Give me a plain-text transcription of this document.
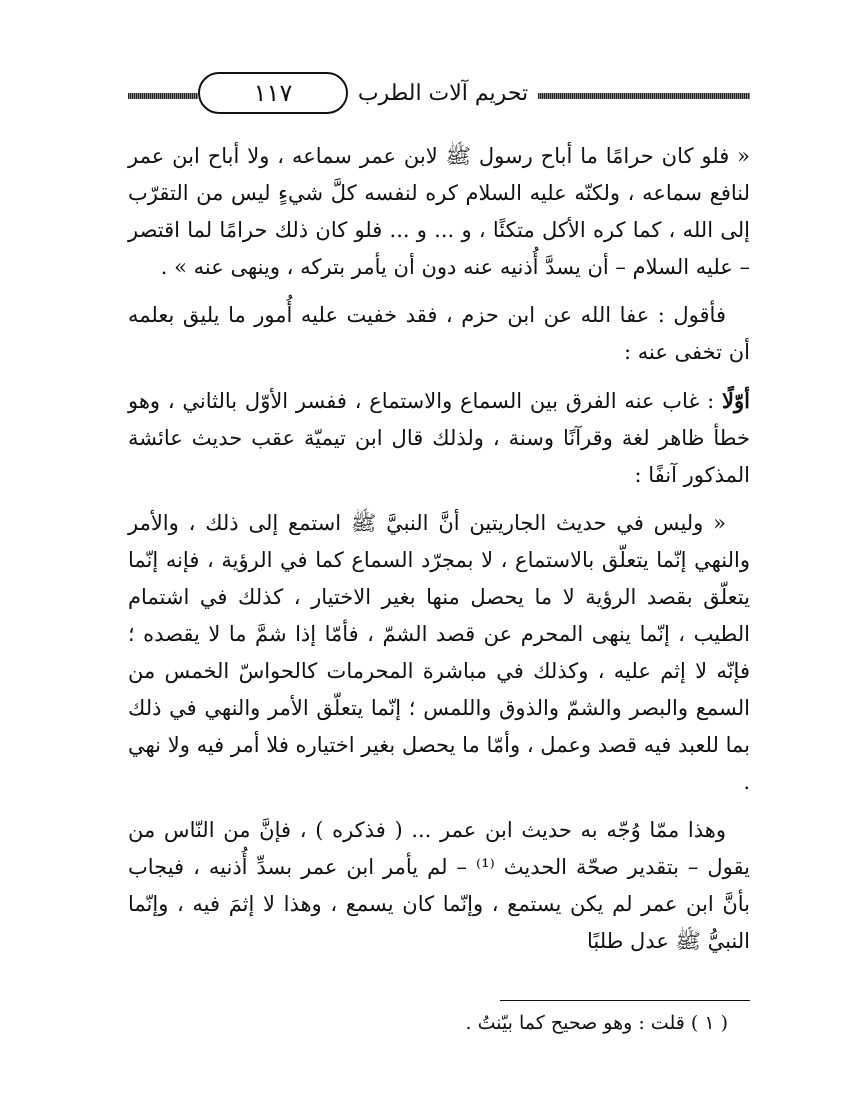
١١٧	تحريم آلات الطرب

« فلو كان حرامًا ما أباح رسول ﷺ لابن عمر سماعه ، ولا أباح ابن عمر لنافع سماعه ، ولكنّه عليه السلام كره لنفسه كلَّ شيءٍ ليس من التقرّب إلى الله ، كما كره الأكل متكئًا ، و ... و ... فلو كان ذلك حرامًا لما اقتصر – عليه السلام – أن يسدَّ أُذنيه عنه دون أن يأمر بتركه ، وينهى عنه » .

فأقول : عفا الله عن ابن حزم ، فقد خفيت عليه أُمور ما يليق بعلمه أن تخفى عنه :

أوّلًا : غاب عنه الفرق بين السماع والاستماع ، ففسر الأوّل بالثاني ، وهو خطأ ظاهر لغة وقرآنًا وسنة ، ولذلك قال ابن تيميّة عقب حديث عائشة المذكور آنفًا :

« وليس في حديث الجاريتين أنَّ النبيَّ ﷺ استمع إلى ذلك ، والأمر والنهي إنّما يتعلّق بالاستماع ، لا بمجرّد السماع كما في الرؤية ، فإنه إنّما يتعلّق بقصد الرؤية لا ما يحصل منها بغير الاختيار ، كذلك في اشتمام الطيب ، إنّما ينهى المحرم عن قصد الشمّ ، فأمّا إذا شمَّ ما لا يقصده ؛ فإنّه لا إثم عليه ، وكذلك في مباشرة المحرمات كالحواسّ الخمس من السمع والبصر والشمّ والذوق واللمس ؛ إنّما يتعلّق الأمر والنهي في ذلك بما للعبد فيه قصد وعمل ، وأمّا ما يحصل بغير اختياره فلا أمر فيه ولا نهي .

وهذا ممّا وُجّه به حديث ابن عمر ... ( فذكره ) ، فإنَّ من النّاس من يقول – بتقدير صحّة الحديث ⁽¹⁾ – لم يأمر ابن عمر بسدِّ أُذنيه ، فيجاب بأنَّ ابن عمر لم يكن يستمع ، وإنّما كان يسمع ، وهذا لا إثمَ فيه ، وإنّما النبيُّ ﷺ عدل طلبًا

( ١ ) قلت : وهو صحيح كما بيّنتُ .
